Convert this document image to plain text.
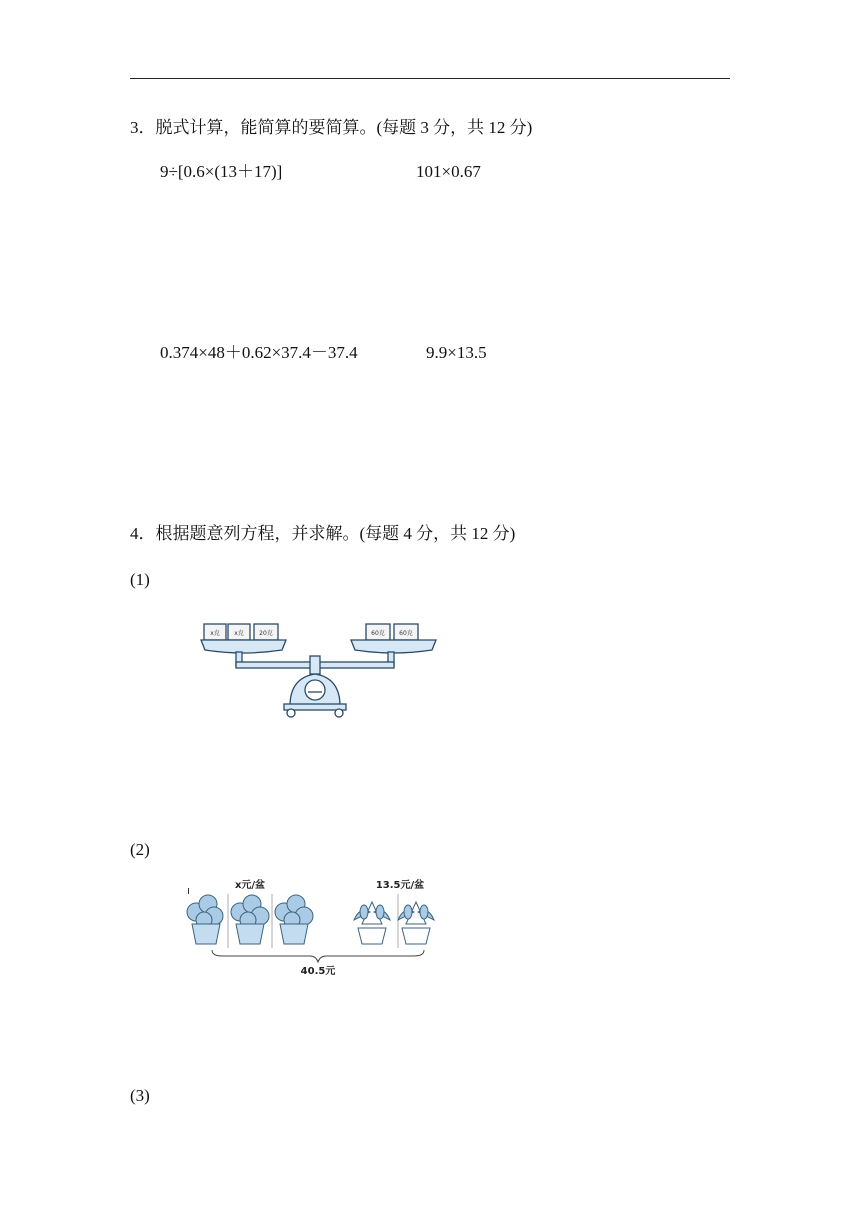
3．脱式计算，能简算的要简算。(每题 3 分，共 12 分)
9÷[0.6×(13＋17)]	101×0.67
0.374×48＋0.62×37.4－37.4	9.9×13.5
4．根据题意列方程，并求解。(每题 4 分，共 12 分)
(1)
x克 x克	20克	60克 60克
(2)
x元/盆	13.5元/盆
40.5元
(3)
